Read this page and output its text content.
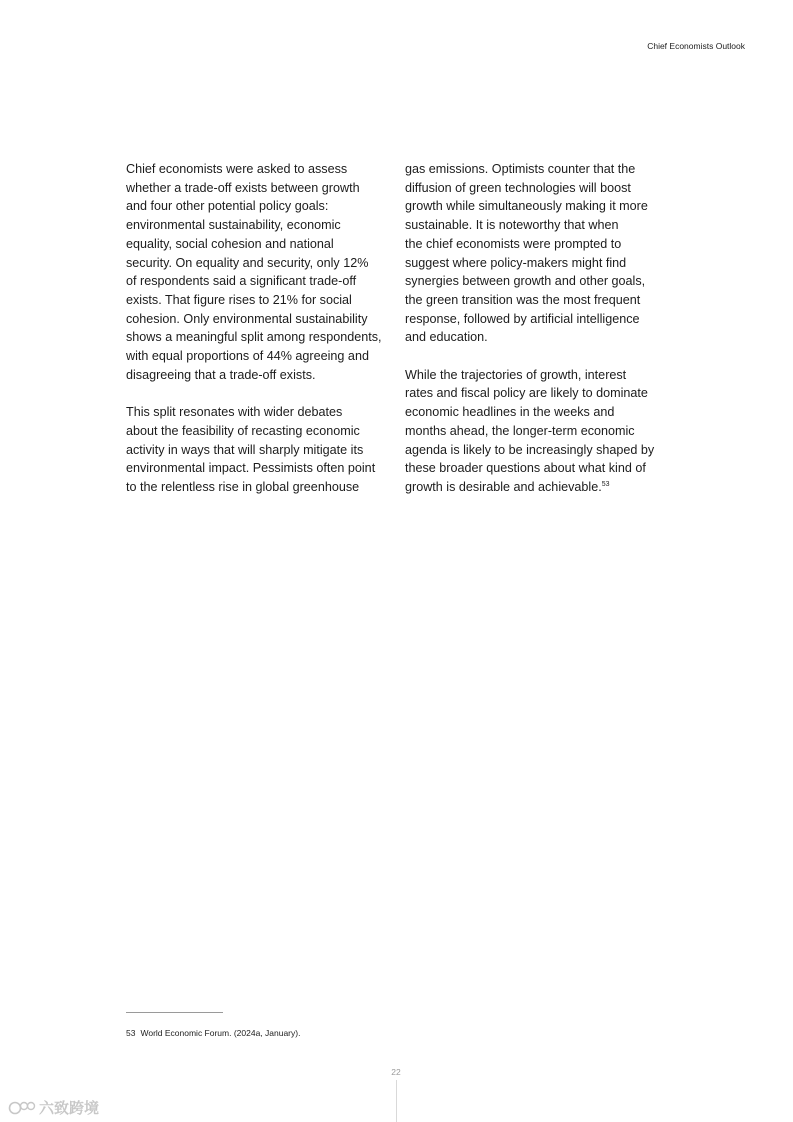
Chief Economists Outlook

Chief economists were asked to assess
whether a trade-off exists between growth
and four other potential policy goals:
environmental sustainability, economic
equality, social cohesion and national
security. On equality and security, only 12%
of respondents said a significant trade-off
exists. That figure rises to 21% for social
cohesion. Only environmental sustainability
shows a meaningful split among respondents,
with equal proportions of 44% agreeing and
disagreeing that a trade-off exists.

This split resonates with wider debates
about the feasibility of recasting economic
activity in ways that will sharply mitigate its
environmental impact. Pessimists often point
to the relentless rise in global greenhouse

gas emissions. Optimists counter that the
diffusion of green technologies will boost
growth while simultaneously making it more
sustainable. It is noteworthy that when
the chief economists were prompted to
suggest where policy-makers might find
synergies between growth and other goals,
the green transition was the most frequent
response, followed by artificial intelligence
and education.

While the trajectories of growth, interest
rates and fiscal policy are likely to dominate
economic headlines in the weeks and
months ahead, the longer-term economic
agenda is likely to be increasingly shaped by
these broader questions about what kind of
growth is desirable and achievable.$^{53}$

53 World Economic Forum. (2024a, January).
22
六致跨境
